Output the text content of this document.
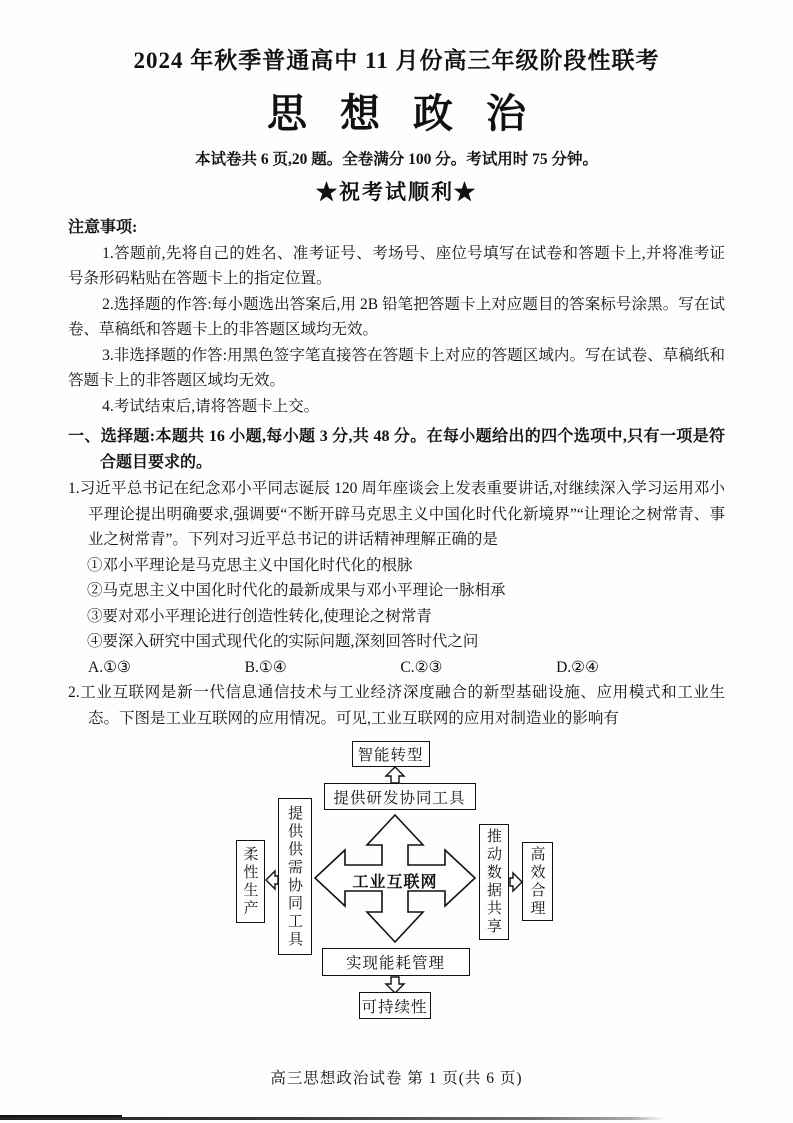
2024 年秋季普通高中 11 月份高三年级阶段性联考
思想政治
本试卷共 6 页,20 题。全卷满分 100 分。考试用时 75 分钟。
★祝考试顺利★
注意事项:

1.答题前,先将自己的姓名、准考证号、考场号、座位号填写在试卷和答题卡上,并将准考证号条形码粘贴在答题卡上的指定位置。

2.选择题的作答:每小题选出答案后,用 2B 铅笔把答题卡上对应题目的答案标号涂黑。写在试卷、草稿纸和答题卡上的非答题区域均无效。

3.非选择题的作答:用黑色签字笔直接答在答题卡上对应的答题区域内。写在试卷、草稿纸和答题卡上的非答题区域均无效。

4.考试结束后,请将答题卡上交。

一、选择题:本题共 16 小题,每小题 3 分,共 48 分。在每小题给出的四个选项中,只有一项是符合题目要求的。

1.习近平总书记在纪念邓小平同志诞辰 120 周年座谈会上发表重要讲话,对继续深入学习运用邓小平理论提出明确要求,强调要“不断开辟马克思主义中国化时代化新境界”“让理论之树常青、事业之树常青”。下列对习近平总书记的讲话精神理解正确的是

①邓小平理论是马克思主义中国化时代化的根脉

②马克思主义中国化时代化的最新成果与邓小平理论一脉相承

③要对邓小平理论进行创造性转化,使理论之树常青

④要深入研究中国式现代化的实际问题,深刻回答时代之问

A.①③	B.①④	C.②③	D.②④

2.工业互联网是新一代信息通信技术与工业经济深度融合的新型基础设施、应用模式和工业生态。下图是工业互联网的应用情况。可见,工业互联网的应用对制造业的影响有

智能转型
提供研发协同工具
工业互联网
提供供需协同工具
柔性生产	推动数据共享	高效合理
实现能耗管理
可持续性
高三思想政治试卷 第 1 页(共 6 页)
